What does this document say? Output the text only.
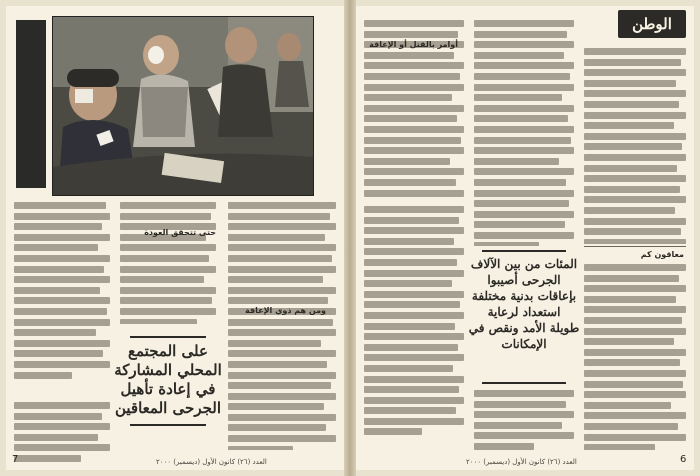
على المجتمع
المحلي المشاركة
في إعادة تأهيل
الجرحى المعاقين
حتى تتحقق العودة
ومن هم ذوي الإعاقة
7	العدد (٢٦) كانون الأول (ديسمبر) ٢٠٠٠
الوطن
أوامر بالقتل أو الإعاقة
المئات من بين الآلاف
الجرحى أصيبوا
بإعاقات بدنية مختلفة
استعداد لرعاية
طويلة الأمد ونقص في
الإمكانات
معاقون كم
6
العدد (٢٦) كانون الأول (ديسمبر) ٢٠٠٠
